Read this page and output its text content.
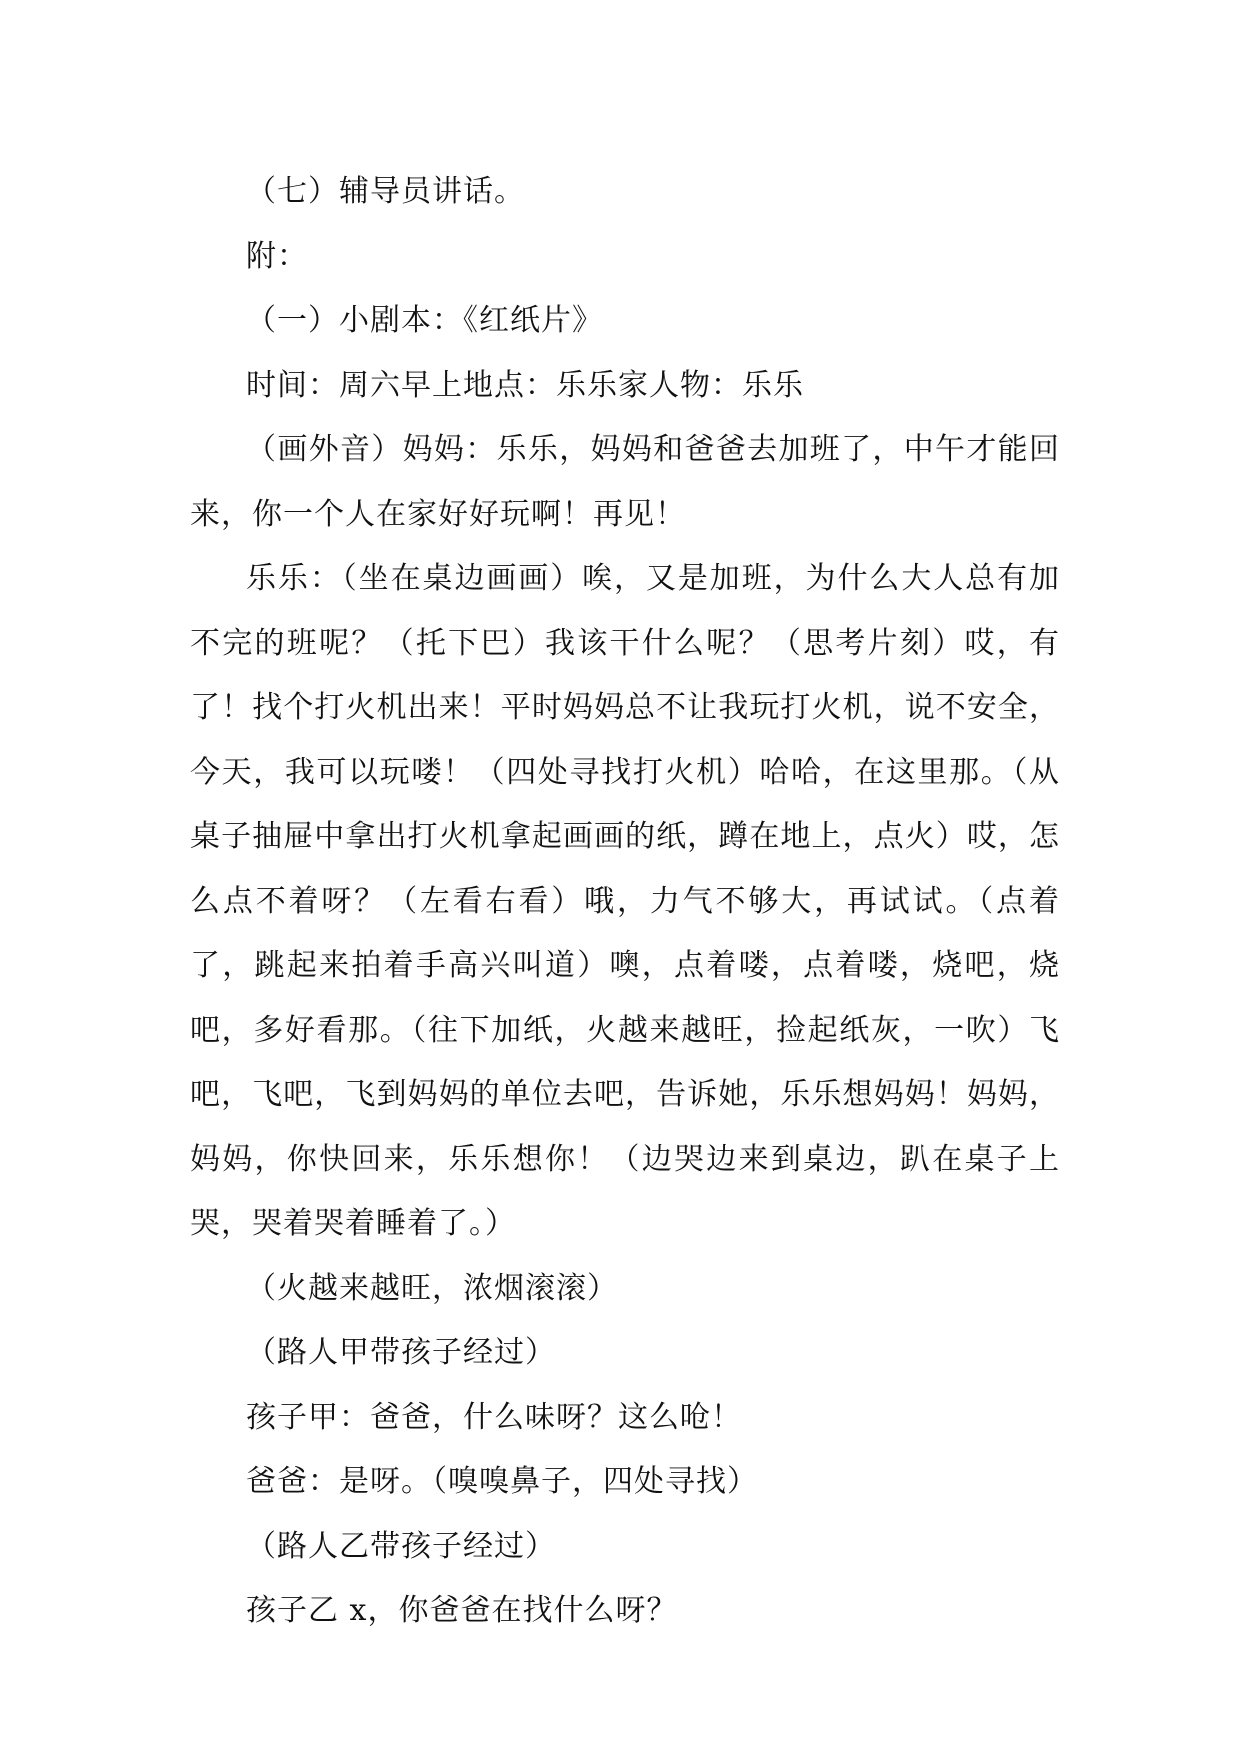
（七）辅导员讲话。

附：

（一）小剧本：《红纸片》

时间：周六早上地点：乐乐家人物：乐乐

（画外音）妈妈：乐乐，妈妈和爸爸去加班了，中午才能回来，你一个人在家好好玩啊！再见！

乐乐：（坐在桌边画画）唉，又是加班，为什么大人总有加不完的班呢？（托下巴）我该干什么呢？（思考片刻）哎，有了！找个打火机出来！平时妈妈总不让我玩打火机，说不安全，今天，我可以玩喽！（四处寻找打火机）哈哈，在这里那。（从桌子抽屉中拿出打火机拿起画画的纸，蹲在地上，点火）哎，怎么点不着呀？（左看右看）哦，力气不够大，再试试。（点着了，跳起来拍着手高兴叫道）噢，点着喽，点着喽，烧吧，烧吧，多好看那。（往下加纸，火越来越旺，捡起纸灰，一吹）飞吧，飞吧，飞到妈妈的单位去吧，告诉她，乐乐想妈妈！妈妈，妈妈，你快回来，乐乐想你！（边哭边来到桌边，趴在桌子上哭，哭着哭着睡着了。）

（火越来越旺，浓烟滚滚）

（路人甲带孩子经过）

孩子甲：爸爸，什么味呀？这么呛！

爸爸：是呀。（嗅嗅鼻子，四处寻找）

（路人乙带孩子经过）

孩子乙 x，你爸爸在找什么呀？
